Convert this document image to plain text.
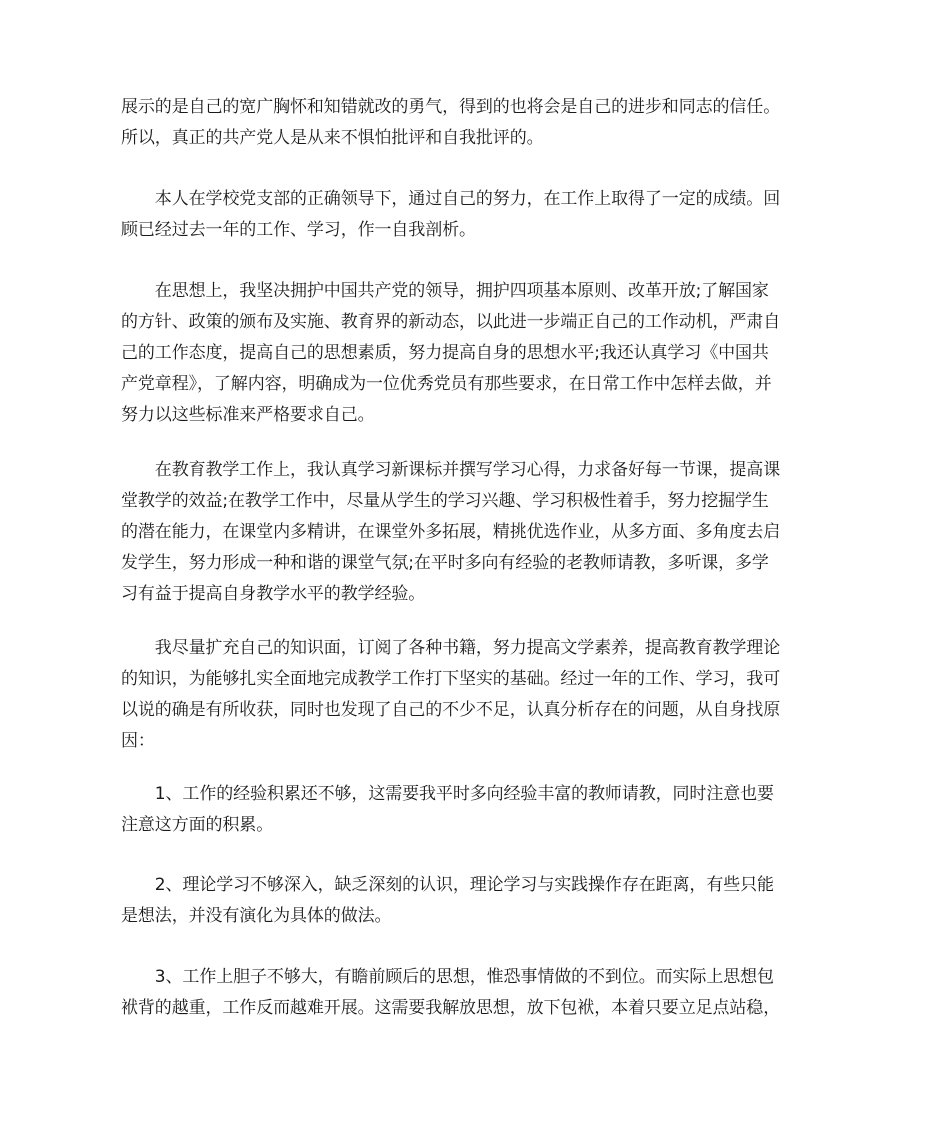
展示的是自己的宽广胸怀和知错就改的勇气，得到的也将会是自己的进步和同志的信任。
所以，真正的共产党人是从来不惧怕批评和自我批评的。
　　本人在学校党支部的正确领导下，通过自己的努力，在工作上取得了一定的成绩。回
顾已经过去一年的工作、学习，作一自我剖析。
　　在思想上，我坚决拥护中国共产党的领导，拥护四项基本原则、改革开放;了解国家
的方针、政策的颁布及实施、教育界的新动态，以此进一步端正自己的工作动机，严肃自
己的工作态度，提高自己的思想素质，努力提高自身的思想水平;我还认真学习《中国共
产党章程》，了解内容，明确成为一位优秀党员有那些要求，在日常工作中怎样去做，并
努力以这些标准来严格要求自己。
　　在教育教学工作上，我认真学习新课标并撰写学习心得，力求备好每一节课，提高课
堂教学的效益;在教学工作中，尽量从学生的学习兴趣、学习积极性着手，努力挖掘学生
的潜在能力，在课堂内多精讲，在课堂外多拓展，精挑优选作业，从多方面、多角度去启
发学生，努力形成一种和谐的课堂气氛;在平时多向有经验的老教师请教，多听课，多学
习有益于提高自身教学水平的教学经验。
　　我尽量扩充自己的知识面，订阅了各种书籍，努力提高文学素养，提高教育教学理论
的知识，为能够扎实全面地完成教学工作打下坚实的基础。经过一年的工作、学习，我可
以说的确是有所收获，同时也发现了自己的不少不足，认真分析存在的问题，从自身找原
因：
　　1、工作的经验积累还不够，这需要我平时多向经验丰富的教师请教，同时注意也要
注意这方面的积累。
　　2、理论学习不够深入，缺乏深刻的认识，理论学习与实践操作存在距离，有些只能
是想法，并没有演化为具体的做法。
　　3、工作上胆子不够大，有瞻前顾后的思想，惟恐事情做的不到位。而实际上思想包
袱背的越重，工作反而越难开展。这需要我解放思想，放下包袱，本着只要立足点站稳，
